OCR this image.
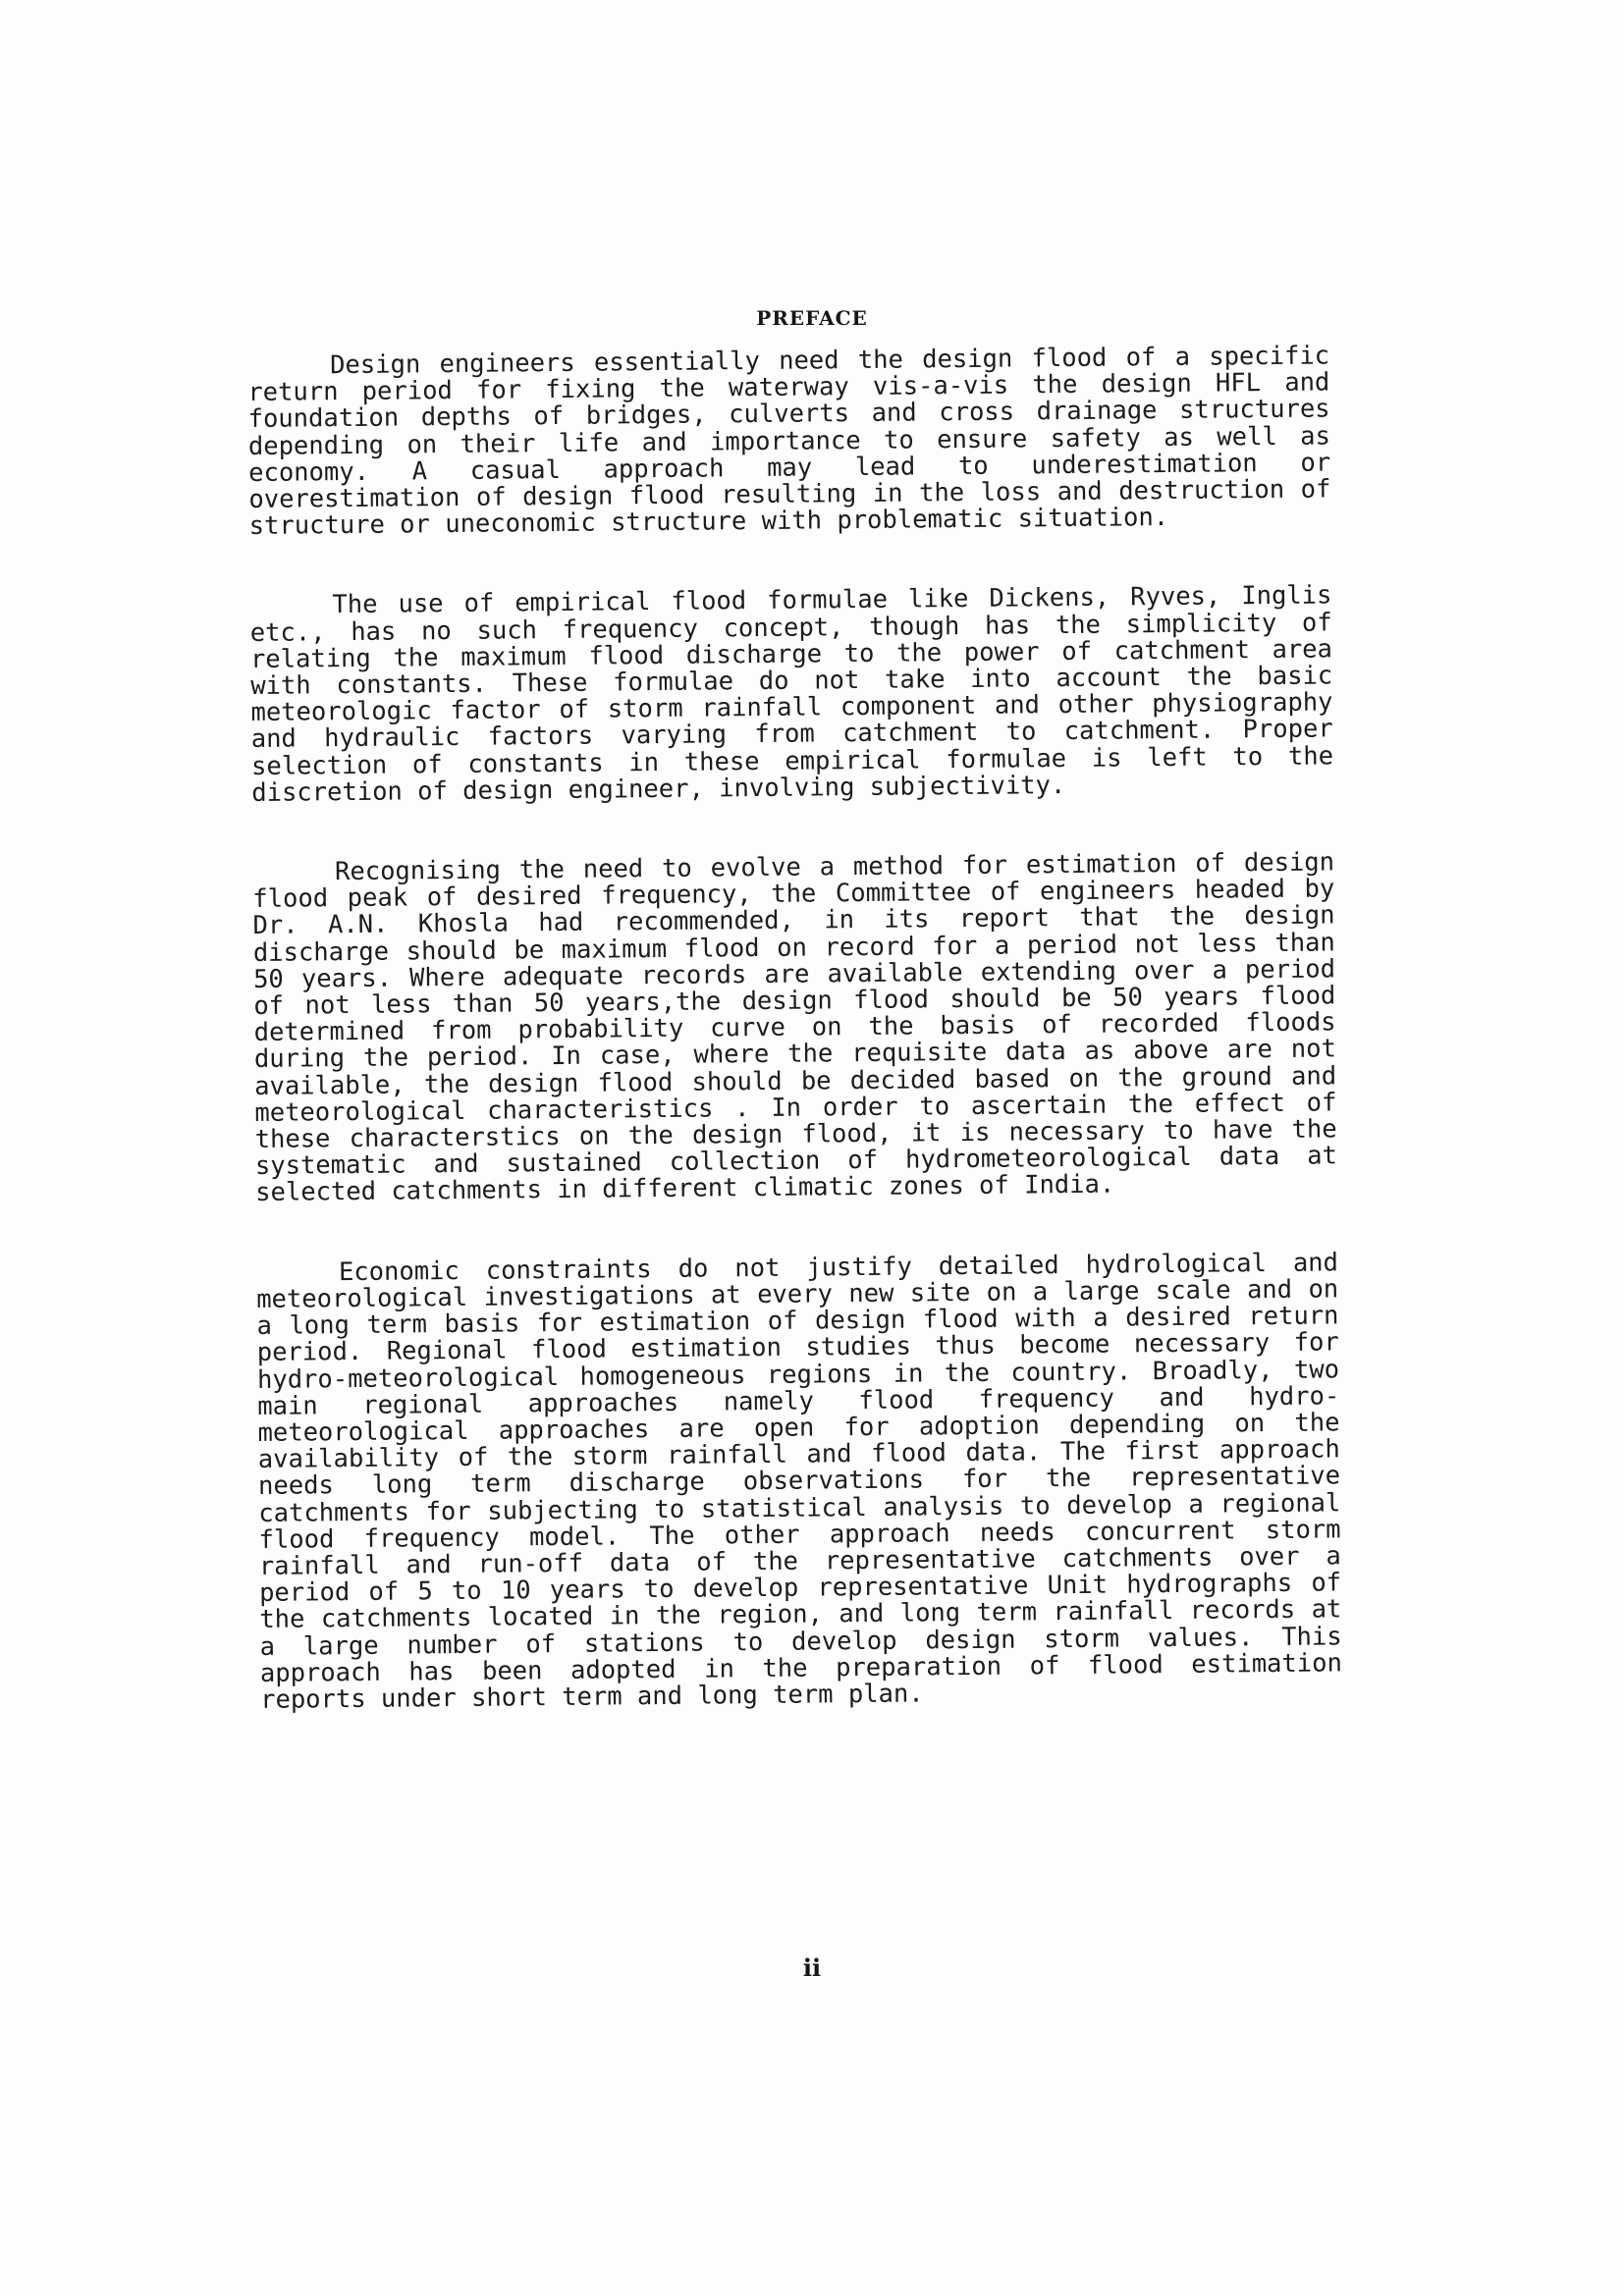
PREFACE

Design engineers essentially need the design flood of a specific return period for fixing the waterway vis-a-vis the design HFL and foundation depths of bridges, culverts and cross drainage structures depending on their life and importance to ensure safety as well as economy. A casual approach may lead to underestimation or overestimation of design flood resulting in the loss and destruction of structure or uneconomic structure with problematic situation.

The use of empirical flood formulae like Dickens, Ryves, Inglis etc., has no such frequency concept, though has the simplicity of relating the maximum flood discharge to the power of catchment area with constants. These formulae do not take into account the basic meteorologic factor of storm rainfall component and other physiography and hydraulic factors varying from catchment to catchment. Proper selection of constants in these empirical formulae is left to the discretion of design engineer, involving subjectivity.

Recognising the need to evolve a method for estimation of design flood peak of desired frequency, the Committee of engineers headed by Dr. A.N. Khosla had recommended, in its report that the design discharge should be maximum flood on record for a period not less than 50 years. Where adequate records are available extending over a period of not less than 50 years,the design flood should be 50 years flood determined from probability curve on the basis of recorded floods during the period. In case, where the requisite data as above are not available, the design flood should be decided based on the ground and meteorological characteristics . In order to ascertain the effect of these characterstics on the design flood, it is necessary to have the systematic and sustained collection of hydrometeorological data at selected catchments in different climatic zones of India.

Economic constraints do not justify detailed hydrological and meteorological investigations at every new site on a large scale and on a long term basis for estimation of design flood with a desired return period. Regional flood estimation studies thus become necessary for hydro-meteorological homogeneous regions in the country. Broadly, two main regional approaches namely flood frequency and hydro-meteorological approaches are open for adoption depending on the availability of the storm rainfall and flood data. The first approach needs long term discharge observations for the representative catchments for subjecting to statistical analysis to develop a regional flood frequency model. The other approach needs concurrent storm rainfall and run-off data of the representative catchments over a period of 5 to 10 years to develop representative Unit hydrographs of the catchments located in the region, and long term rainfall records at a large number of stations to develop design storm values. This approach has been adopted in the preparation of flood estimation reports under short term and long term plan.

ii
